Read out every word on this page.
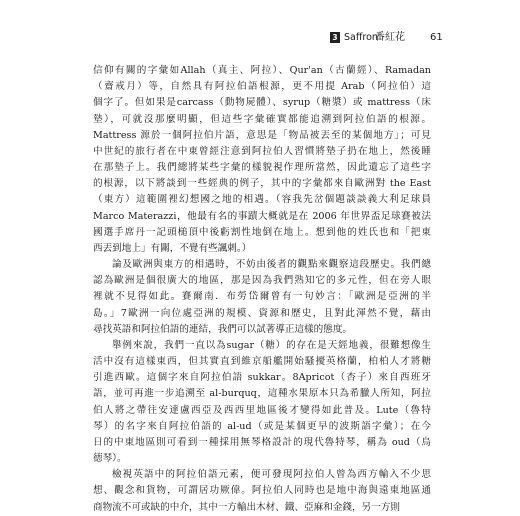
3 Saffron
番紅花	61
信仰有關的字彙如Allah（真主、阿拉）、Qur'an（古蘭經）、Ramadan
（齋戒月）等，自然具有阿拉伯語根源，更不用提 Arab（阿拉伯）這
個字了。但如果是carcass（動物屍體）、syrup（糖漿）或 mattress（床
墊），可就沒那麼明顯，但這些字彙確實都能追溯到阿拉伯語的根源。
Mattress 源於一個阿拉伯片語，意思是「物品被丟至的某個地方」；可見
中世紀的旅行者在中東曾經注意到阿拉伯人習慣將墊子扔在地上，然後睡
在那墊子上。我們總將某些字彙的樣貌視作理所當然，因此遺忘了這些字
的根源，以下將談到一些經典的例子，其中的字彙都來自歐洲對 the East
（東方）這範圍裡幻想國之地的相遇。（容我先岔個題談談義大利足球員
Marco Materazzi，他最有名的事蹟大概就是在 2006 年世界盃足球賽被法
國選手席丹一記頭槌頂中後虧割性地倒在地上。想到他的姓氏也和「把東
西丟到地上」有關，不覺有些諷刺。）
論及歐洲與東方的相遇時，不妨由後者的觀點來觀察這段歷史。我們總
認為歐洲是個很廣大的地區，那是因為我們熟知它的多元性，但在旁人眼
裡就不見得如此。賽爾南．布勞岱爾曾有一句妙言：「歐洲是亞洲的半
島。」7歐洲一向位處亞洲的規模、資源和歷史，且對此渾然不覺，藉由
尋找英語和阿拉伯語的連結，我們可以試著導正這樣的態度。
舉例來說，我們一直以為sugar（糖）的存在是天經地義，很難想像生
活中沒有這樣東西，但其實直到維京船艦開始騷擾英格蘭，柏柏人才將糖
引進西歐。這個字來自阿拉伯語 sukkar。8Apricot（杏子）來自西班牙
語，並可再進一步追溯至 al-burquq，這種水果原本只為希臘人所知，阿拉
伯人將之帶往安達盧西亞及西西里地區後才變得如此普及。Lute（魯特
琴）的名字來自阿拉伯語的 al-ud（或是某個更早的波斯語字彙）；在今
日的中東地區則可看到一種採用無琴格設計的現代魯特琴，稱為 oud（烏
德琴）。
檢視英語中的阿拉伯語元素，便可發現阿拉伯人曾為西方輸入不少思
想、觀念和貨物，可謂居功厥偉。阿拉伯人同時也是地中海與遠東地區通
商物流不可或缺的中介，其中一方輸出木材、鐵、亞麻和金錢，另一方則
